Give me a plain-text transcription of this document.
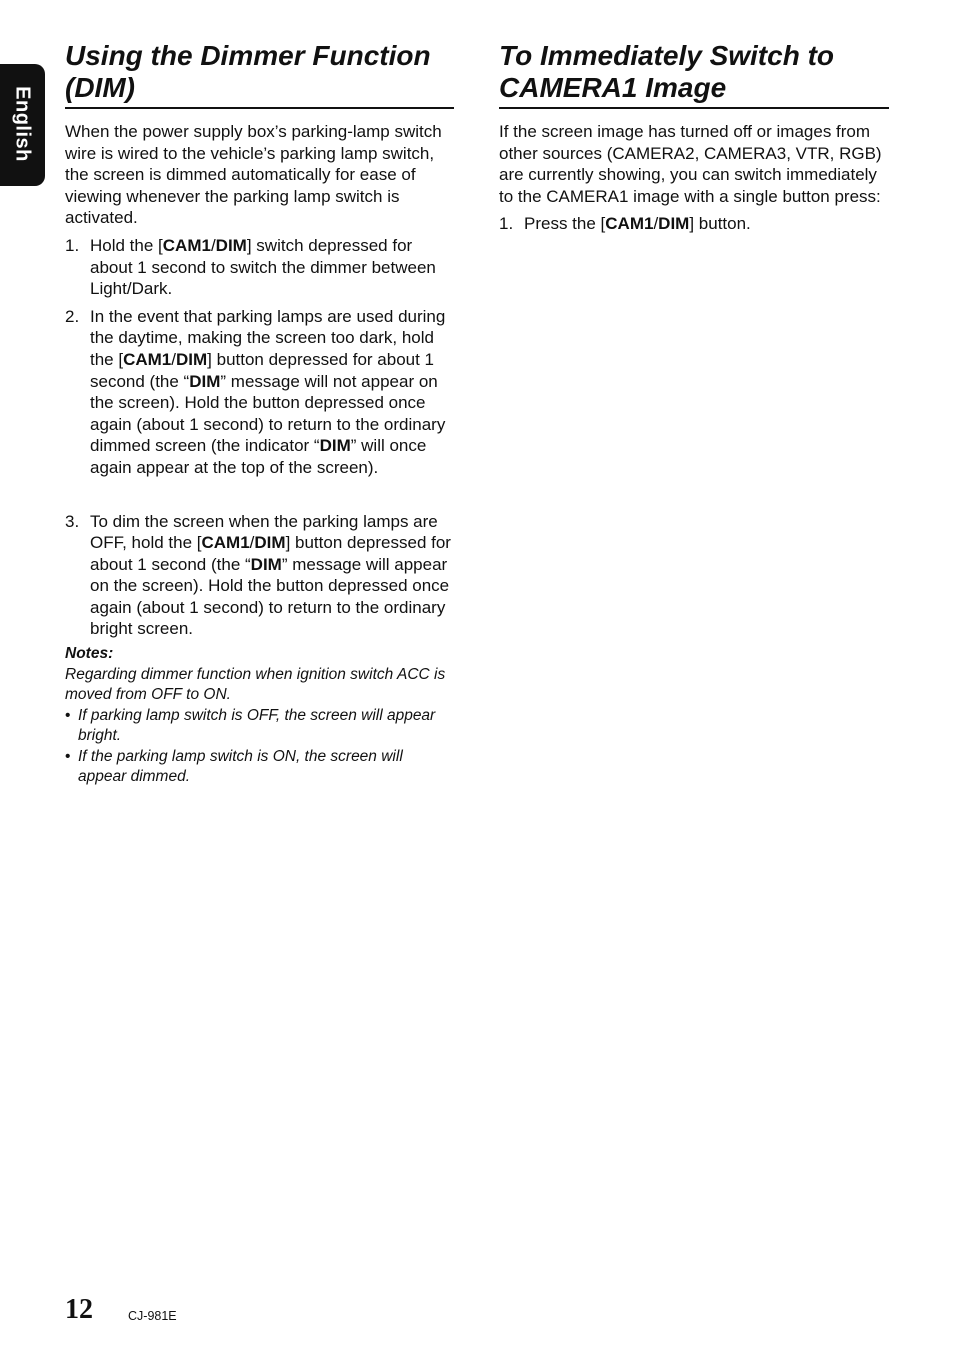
English
Using the Dimmer Function
(DIM)

When the power supply box’s parking-lamp switch wire is wired to the vehicle’s parking lamp switch, the screen is dimmed automatically for ease of viewing whenever the parking lamp switch is activated.

1. Hold the [CAM1/DIM] switch depressed for about 1 second to switch the dimmer between Light/Dark.
2. In the event that parking lamps are used during the daytime, making the screen too dark, hold the [CAM1/DIM] button depressed for about 1 second (the “DIM” message will not appear on the screen). Hold the button depressed once again (about 1 second) to return to the ordinary dimmed screen (the indicator “DIM” will once again appear at the top of the screen).
3. To dim the screen when the parking lamps are OFF, hold the [CAM1/DIM] button depressed for about 1 second (the “DIM” message will appear on the screen). Hold the button depressed once again (about 1 second) to return to the ordinary bright screen.
Notes:
Regarding dimmer function when ignition switch ACC is moved from OFF to ON.
• If parking lamp switch is OFF, the screen will appear bright.
• If the parking lamp switch is ON, the screen will appear dimmed.
To Immediately Switch to
CAMERA1 Image

If the screen image has turned off or images from other sources (CAMERA2, CAMERA3, VTR, RGB) are currently showing, you can switch immediately to the CAMERA1 image with a single button press:

1. Press the [CAM1/DIM] button.
12	CJ-981E
